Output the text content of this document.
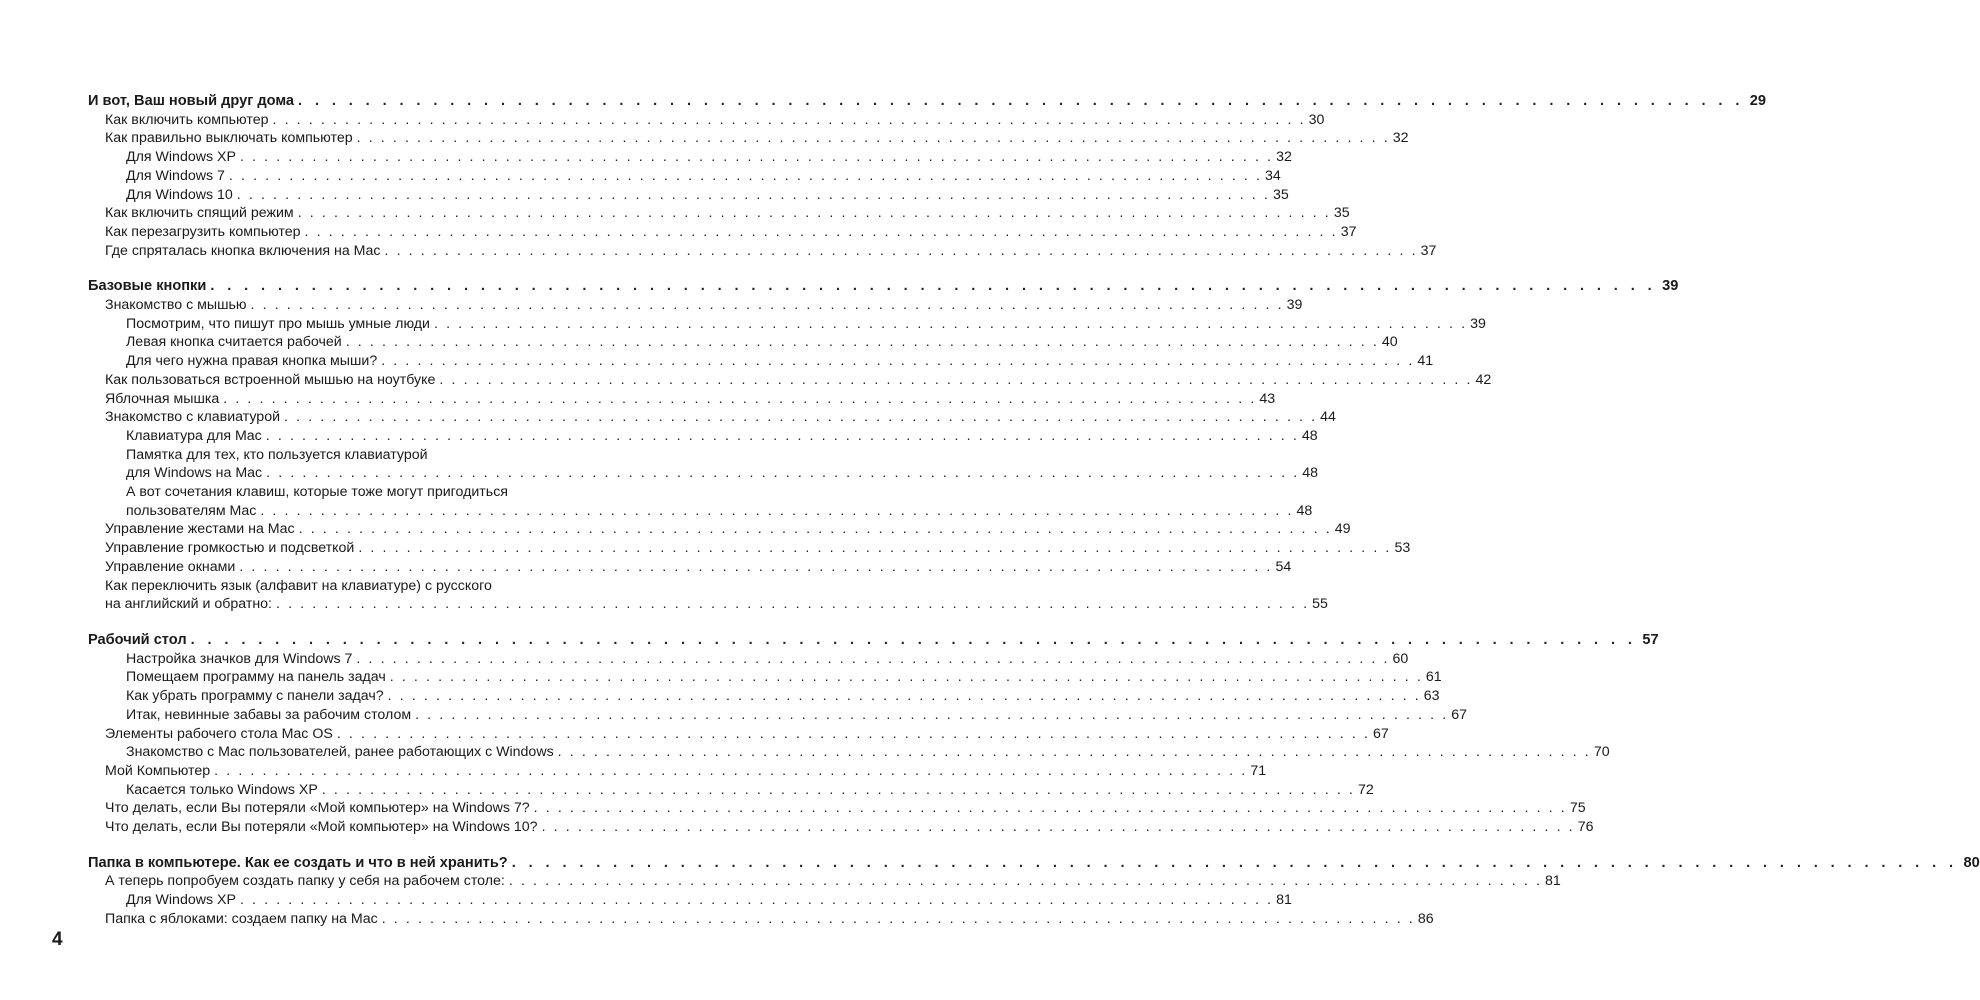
И вот, Ваш новый друг дома . . . . . . . . . . . . . . . . . . . . . . . . . . . . . . . . . . . . . . . . . . . . . . . . . . . . . . . . . . . . . . . . . . . . . . . . . . . . . . . . . . . . . . 29
Как включить компьютер . . . . . . . . . . . . . . . . . . . . . . . . . . . . . . . . . . . . . . . . . . . . . . . . . . . . . . . . . . . . . . . . . . . . . . . . . . . . . . . . . . . . . . 30
Как правильно выключать компьютер . . . . . . . . . . . . . . . . . . . . . . . . . . . . . . . . . . . . . . . . . . . . . . . . . . . . . . . . . . . . . . . . . . . . . . . . . . . . . . . . . . . . . . 32
Для Windows XP . . . . . . . . . . . . . . . . . . . . . . . . . . . . . . . . . . . . . . . . . . . . . . . . . . . . . . . . . . . . . . . . . . . . . . . . . . . . . . . . . . . . . . 32
Для Windows 7 . . . . . . . . . . . . . . . . . . . . . . . . . . . . . . . . . . . . . . . . . . . . . . . . . . . . . . . . . . . . . . . . . . . . . . . . . . . . . . . . . . . . . . 34
Для Windows 10 . . . . . . . . . . . . . . . . . . . . . . . . . . . . . . . . . . . . . . . . . . . . . . . . . . . . . . . . . . . . . . . . . . . . . . . . . . . . . . . . . . . . . . 35
Как включить спящий режим . . . . . . . . . . . . . . . . . . . . . . . . . . . . . . . . . . . . . . . . . . . . . . . . . . . . . . . . . . . . . . . . . . . . . . . . . . . . . . . . . . . . . . 35
Как перезагрузить компьютер . . . . . . . . . . . . . . . . . . . . . . . . . . . . . . . . . . . . . . . . . . . . . . . . . . . . . . . . . . . . . . . . . . . . . . . . . . . . . . . . . . . . . . 37
Где спряталась кнопка включения на Mac . . . . . . . . . . . . . . . . . . . . . . . . . . . . . . . . . . . . . . . . . . . . . . . . . . . . . . . . . . . . . . . . . . . . . . . . . . . . . . . . . . . . . . 37
Базовые кнопки . . . . . . . . . . . . . . . . . . . . . . . . . . . . . . . . . . . . . . . . . . . . . . . . . . . . . . . . . . . . . . . . . . . . . . . . . . . . . . . . . . . . . . 39
Знакомство с мышью . . . . . . . . . . . . . . . . . . . . . . . . . . . . . . . . . . . . . . . . . . . . . . . . . . . . . . . . . . . . . . . . . . . . . . . . . . . . . . . . . . . . . . 39
Посмотрим, что пишут про мышь умные люди . . . . . . . . . . . . . . . . . . . . . . . . . . . . . . . . . . . . . . . . . . . . . . . . . . . . . . . . . . . . . . . . . . . . . . . . . . . . . . . . . . . . . . 39
Левая кнопка считается рабочей . . . . . . . . . . . . . . . . . . . . . . . . . . . . . . . . . . . . . . . . . . . . . . . . . . . . . . . . . . . . . . . . . . . . . . . . . . . . . . . . . . . . . . 40
Для чего нужна правая кнопка мыши? . . . . . . . . . . . . . . . . . . . . . . . . . . . . . . . . . . . . . . . . . . . . . . . . . . . . . . . . . . . . . . . . . . . . . . . . . . . . . . . . . . . . . . 41
Как пользоваться встроенной мышью на ноутбуке . . . . . . . . . . . . . . . . . . . . . . . . . . . . . . . . . . . . . . . . . . . . . . . . . . . . . . . . . . . . . . . . . . . . . . . . . . . . . . . . . . . . . . 42
Яблочная мышка . . . . . . . . . . . . . . . . . . . . . . . . . . . . . . . . . . . . . . . . . . . . . . . . . . . . . . . . . . . . . . . . . . . . . . . . . . . . . . . . . . . . . . 43
Знакомство с клавиатурой . . . . . . . . . . . . . . . . . . . . . . . . . . . . . . . . . . . . . . . . . . . . . . . . . . . . . . . . . . . . . . . . . . . . . . . . . . . . . . . . . . . . . . 44
Клавиатура для Mac . . . . . . . . . . . . . . . . . . . . . . . . . . . . . . . . . . . . . . . . . . . . . . . . . . . . . . . . . . . . . . . . . . . . . . . . . . . . . . . . . . . . . . 48
Памятка для тех, кто пользуется клавиатурой
для Windows на Mac . . . . . . . . . . . . . . . . . . . . . . . . . . . . . . . . . . . . . . . . . . . . . . . . . . . . . . . . . . . . . . . . . . . . . . . . . . . . . . . . . . . . . . 48
А вот сочетания клавиш, которые тоже могут пригодиться
пользователям Mac . . . . . . . . . . . . . . . . . . . . . . . . . . . . . . . . . . . . . . . . . . . . . . . . . . . . . . . . . . . . . . . . . . . . . . . . . . . . . . . . . . . . . . 48
Управление жестами на Mac . . . . . . . . . . . . . . . . . . . . . . . . . . . . . . . . . . . . . . . . . . . . . . . . . . . . . . . . . . . . . . . . . . . . . . . . . . . . . . . . . . . . . . 49
Управление громкостью и подсветкой . . . . . . . . . . . . . . . . . . . . . . . . . . . . . . . . . . . . . . . . . . . . . . . . . . . . . . . . . . . . . . . . . . . . . . . . . . . . . . . . . . . . . . 53
Управление окнами . . . . . . . . . . . . . . . . . . . . . . . . . . . . . . . . . . . . . . . . . . . . . . . . . . . . . . . . . . . . . . . . . . . . . . . . . . . . . . . . . . . . . . 54
Как переключить язык (алфавит на клавиатуре) с русского
на английский и обратно: . . . . . . . . . . . . . . . . . . . . . . . . . . . . . . . . . . . . . . . . . . . . . . . . . . . . . . . . . . . . . . . . . . . . . . . . . . . . . . . . . . . . . . 55
Рабочий стол . . . . . . . . . . . . . . . . . . . . . . . . . . . . . . . . . . . . . . . . . . . . . . . . . . . . . . . . . . . . . . . . . . . . . . . . . . . . . . . . . . . . . . 57
Настройка значков для Windows 7 . . . . . . . . . . . . . . . . . . . . . . . . . . . . . . . . . . . . . . . . . . . . . . . . . . . . . . . . . . . . . . . . . . . . . . . . . . . . . . . . . . . . . . 60
Помещаем программу на панель задач . . . . . . . . . . . . . . . . . . . . . . . . . . . . . . . . . . . . . . . . . . . . . . . . . . . . . . . . . . . . . . . . . . . . . . . . . . . . . . . . . . . . . . 61
Как убрать программу с панели задач? . . . . . . . . . . . . . . . . . . . . . . . . . . . . . . . . . . . . . . . . . . . . . . . . . . . . . . . . . . . . . . . . . . . . . . . . . . . . . . . . . . . . . . 63
Итак, невинные забавы за рабочим столом . . . . . . . . . . . . . . . . . . . . . . . . . . . . . . . . . . . . . . . . . . . . . . . . . . . . . . . . . . . . . . . . . . . . . . . . . . . . . . . . . . . . . . 67
Элементы рабочего стола Mac OS . . . . . . . . . . . . . . . . . . . . . . . . . . . . . . . . . . . . . . . . . . . . . . . . . . . . . . . . . . . . . . . . . . . . . . . . . . . . . . . . . . . . . . 67
Знакомство с Mac пользователей, ранее работающих с Windows . . . . . . . . . . . . . . . . . . . . . . . . . . . . . . . . . . . . . . . . . . . . . . . . . . . . . . . . . . . . . . . . . . . . . . . . . . . . . . . . . . . . . . 70
Мой Компьютер . . . . . . . . . . . . . . . . . . . . . . . . . . . . . . . . . . . . . . . . . . . . . . . . . . . . . . . . . . . . . . . . . . . . . . . . . . . . . . . . . . . . . . 71
Касается только Windows XP . . . . . . . . . . . . . . . . . . . . . . . . . . . . . . . . . . . . . . . . . . . . . . . . . . . . . . . . . . . . . . . . . . . . . . . . . . . . . . . . . . . . . . 72
Что делать, если Вы потеряли «Мой компьютер» на Windows 7? . . . . . . . . . . . . . . . . . . . . . . . . . . . . . . . . . . . . . . . . . . . . . . . . . . . . . . . . . . . . . . . . . . . . . . . . . . . . . . . . . . . . . . 75
Что делать, если Вы потеряли «Мой компьютер» на Windows 10? . . . . . . . . . . . . . . . . . . . . . . . . . . . . . . . . . . . . . . . . . . . . . . . . . . . . . . . . . . . . . . . . . . . . . . . . . . . . . . . . . . . . . . 76
Папка в компьютере. Как ее создать и что в ней хранить? . . . . . . . . . . . . . . . . . . . . . . . . . . . . . . . . . . . . . . . . . . . . . . . . . . . . . . . . . . . . . . . . . . . . . . . . . . . . . . . . . . . . . . 80
А теперь попробуем создать папку у себя на рабочем столе: . . . . . . . . . . . . . . . . . . . . . . . . . . . . . . . . . . . . . . . . . . . . . . . . . . . . . . . . . . . . . . . . . . . . . . . . . . . . . . . . . . . . . . 81
Для Windows XP . . . . . . . . . . . . . . . . . . . . . . . . . . . . . . . . . . . . . . . . . . . . . . . . . . . . . . . . . . . . . . . . . . . . . . . . . . . . . . . . . . . . . . 81
Папка с яблоками: создаем папку на Mac . . . . . . . . . . . . . . . . . . . . . . . . . . . . . . . . . . . . . . . . . . . . . . . . . . . . . . . . . . . . . . . . . . . . . . . . . . . . . . . . . . . . . . 86
4
